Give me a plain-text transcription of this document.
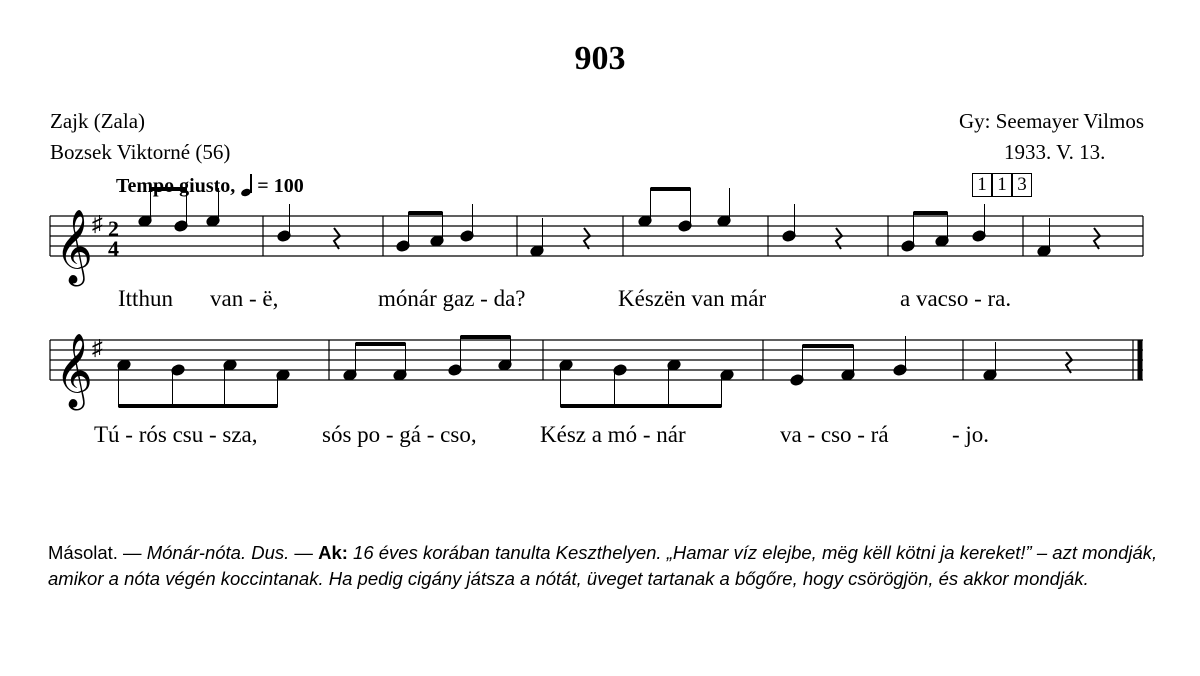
903
Zajk (Zala)
Bozsek Viktorné (56)
Gy: Seemayer Vilmos
1933. V. 13.
1 1 3
Tempo giusto, = 100
𝄞 ♯ 2
4
𝄞 ♯
Itthun van - ë,	mónár gaz - da?	Készën van már	a vacso - ra.
Tú - rós csu - sza,	sós po - gá - cso,	Kész a mó - nár	va - cso - rá	- jo.
Másolat. — Mónár-nóta. Dus. — Ak: 16 éves korában tanulta Keszthelyen. „Hamar víz elejbe, mëg këll kötni ja kereket!” – azt mondják, amikor a nóta végén koccintanak. Ha pedig cigány játsza a nótát, üveget tartanak a bőgőre, hogy csörögjön, és akkor mondják.
